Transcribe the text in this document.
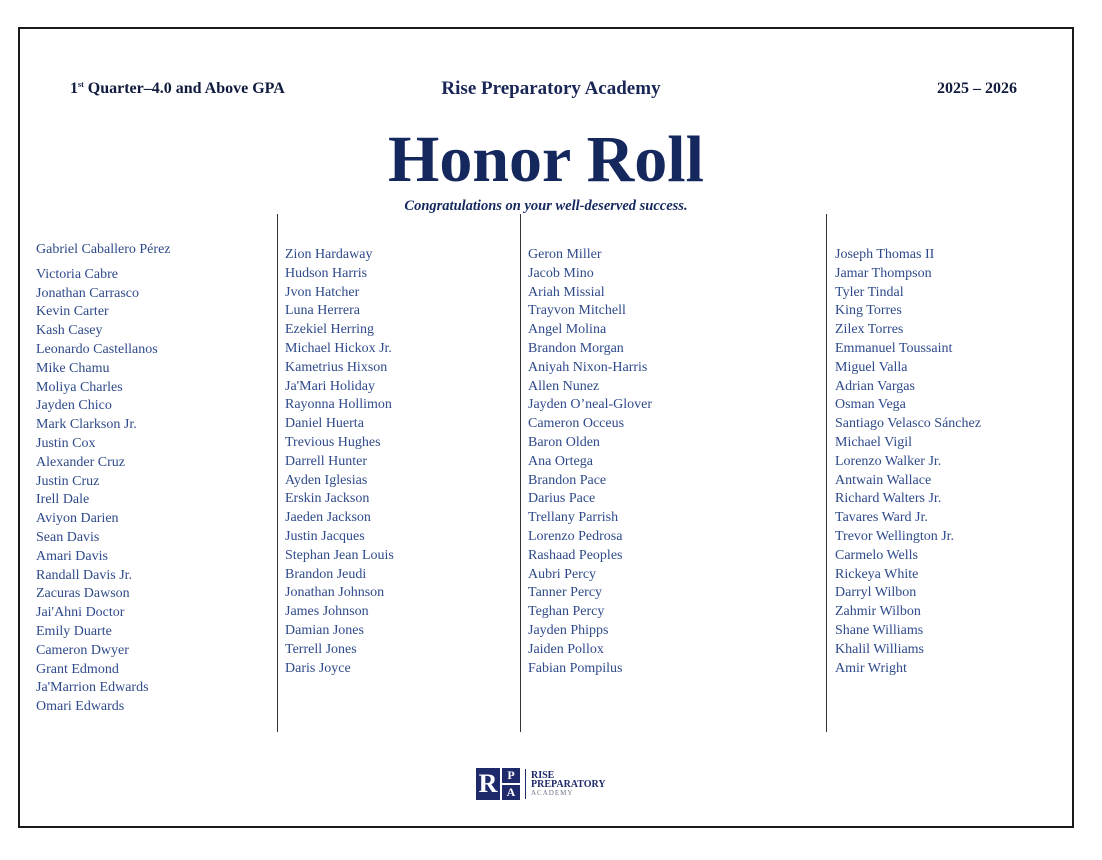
1st Quarter–4.0 and Above GPA	Rise Preparatory Academy	2025 – 2026
Honor Roll
Congratulations on your well-deserved success.
Gabriel Caballero Pérez
Victoria Cabre
Jonathan Carrasco
Kevin Carter
Kash Casey
Leonardo Castellanos
Mike Chamu
Moliya Charles
Jayden Chico
Mark Clarkson Jr.
Justin Cox
Alexander Cruz
Justin Cruz
Irell Dale
Aviyon Darien
Sean Davis
Amari Davis
Randall Davis Jr.
Zacuras Dawson
Jai'Ahni Doctor
Emily Duarte
Cameron Dwyer
Grant Edmond
Ja'Marrion Edwards
Omari Edwards
Zion Hardaway
Hudson Harris
Jvon Hatcher
Luna Herrera
Ezekiel Herring
Michael Hickox Jr.
Kametrius Hixson
Ja'Mari Holiday
Rayonna Hollimon
Daniel Huerta
Trevious Hughes
Darrell Hunter
Ayden Iglesias
Erskin Jackson
Jaeden Jackson
Justin Jacques
Stephan Jean Louis
Brandon Jeudi
Jonathan Johnson
James Johnson
Damian Jones
Terrell Jones
Daris Joyce
Geron Miller
Jacob Mino
Ariah Missial
Trayvon Mitchell
Angel Molina
Brandon Morgan
Aniyah Nixon-Harris
Allen Nunez
Jayden O’neal-Glover
Cameron Occeus
Baron Olden
Ana Ortega
Brandon Pace
Darius Pace
Trellany Parrish
Lorenzo Pedrosa
Rashaad Peoples
Aubri Percy
Tanner Percy
Teghan Percy
Jayden Phipps
Jaiden Pollox
Fabian Pompilus
Joseph Thomas II
Jamar Thompson
Tyler Tindal
King Torres
Zilex Torres
Emmanuel Toussaint
Miguel Valla
Adrian Vargas
Osman Vega
Santiago Velasco Sánchez
Michael Vigil
Lorenzo Walker Jr.
Antwain Wallace
Richard Walters Jr.
Tavares Ward Jr.
Trevor Wellington Jr.
Carmelo Wells
Rickeya White
Darryl Wilbon
Zahmir Wilbon
Shane Williams
Khalil Williams
Amir Wright
R P
A
RISE
PREPARATORY
ACADEMY
